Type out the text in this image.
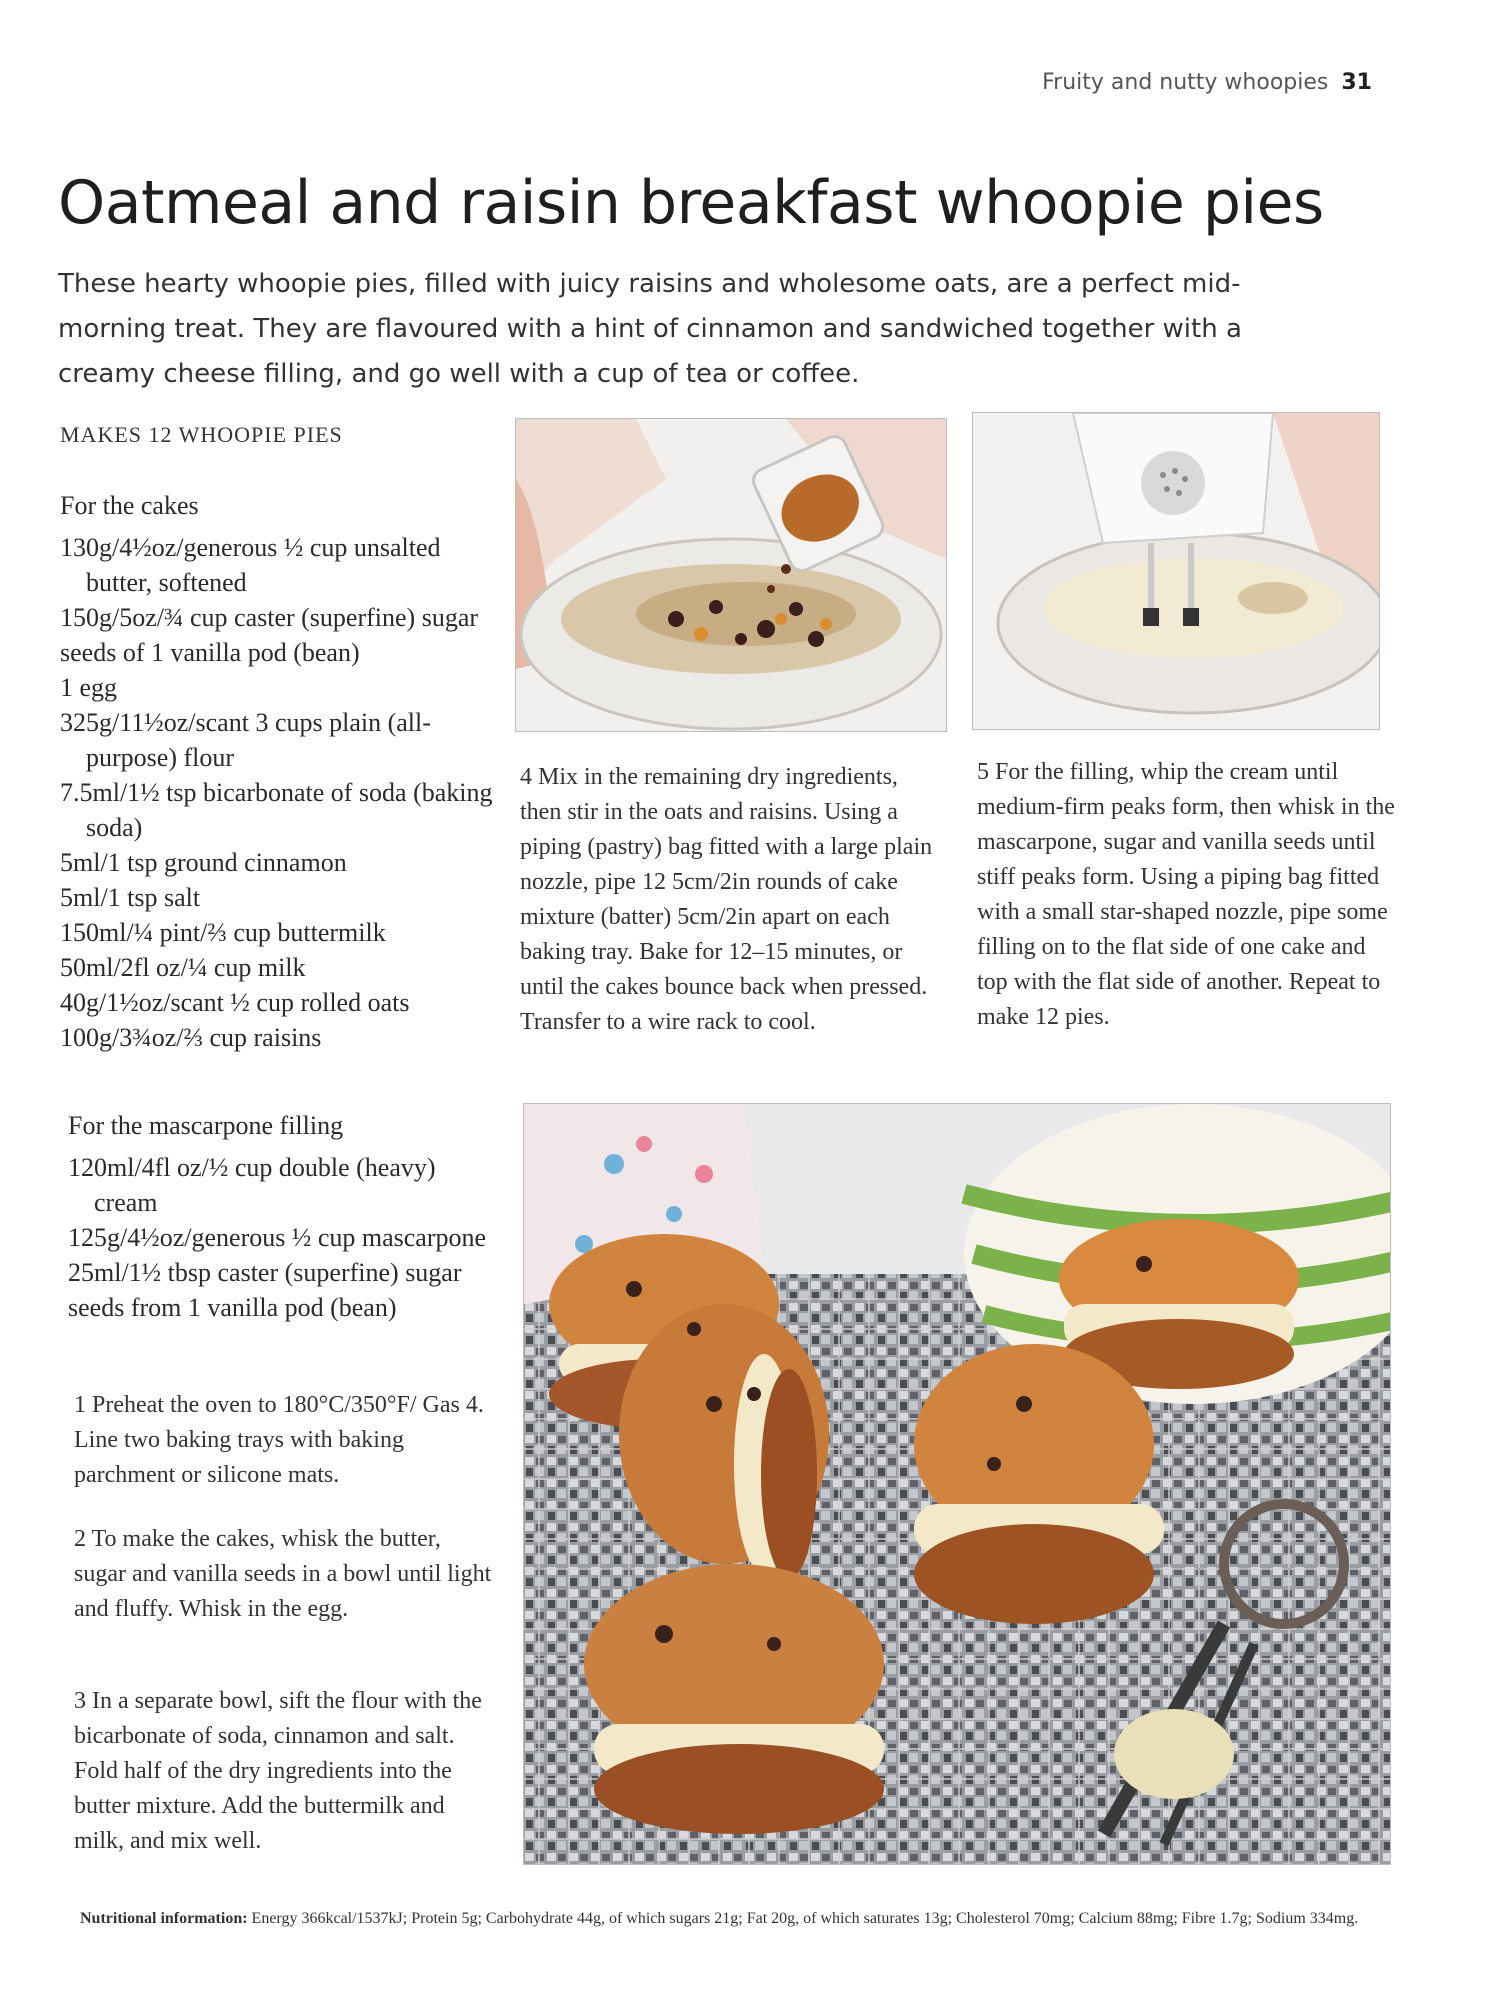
Fruity and nutty whoopies 31
Oatmeal and raisin breakfast whoopie pies

These hearty whoopie pies, filled with juicy raisins and wholesome oats, are a perfect mid-morning treat. They are flavoured with a hint of cinnamon and sandwiched together with a creamy cheese filling, and go well with a cup of tea or coffee.

MAKES 12 WHOOPIE PIES
For the cakes
130g/4½oz/generous ½ cup unsalted butter, softened
150g/5oz/¾ cup caster (superfine) sugar
seeds of 1 vanilla pod (bean)
1 egg
325g/11½oz/scant 3 cups plain (all-purpose) flour
7.5ml/1½ tsp bicarbonate of soda (baking soda)
5ml/1 tsp ground cinnamon
5ml/1 tsp salt
150ml/¼ pint/⅔ cup buttermilk
50ml/2fl oz/¼ cup milk
40g/1½oz/scant ½ cup rolled oats
100g/3¾oz/⅔ cup raisins
For the mascarpone filling
120ml/4fl oz/½ cup double (heavy) cream
125g/4½oz/generous ½ cup mascarpone
25ml/1½ tbsp caster (superfine) sugar
seeds from 1 vanilla pod (bean)

1 Preheat the oven to 180°C/350°F/ Gas 4. Line two baking trays with baking parchment or silicone mats.

2 To make the cakes, whisk the butter, sugar and vanilla seeds in a bowl until light and fluffy. Whisk in the egg.

3 In a separate bowl, sift the flour with the bicarbonate of soda, cinnamon and salt. Fold half of the dry ingredients into the butter mixture. Add the buttermilk and milk, and mix well.

4 Mix in the remaining dry ingredients, then stir in the oats and raisins. Using a piping (pastry) bag fitted with a large plain nozzle, pipe 12 5cm/2in rounds of cake mixture (batter) 5cm/2in apart on each baking tray. Bake for 12–15 minutes, or until the cakes bounce back when pressed. Transfer to a wire rack to cool.

5 For the filling, whip the cream until medium-firm peaks form, then whisk in the mascarpone, sugar and vanilla seeds until stiff peaks form. Using a piping bag fitted with a small star-shaped nozzle, pipe some filling on to the flat side of one cake and top with the flat side of another. Repeat to make 12 pies.

Nutritional information: Energy 366kcal/1537kJ; Protein 5g; Carbohydrate 44g, of which sugars 21g; Fat 20g, of which saturates 13g; Cholesterol 70mg; Calcium 88mg; Fibre 1.7g; Sodium 334mg.
